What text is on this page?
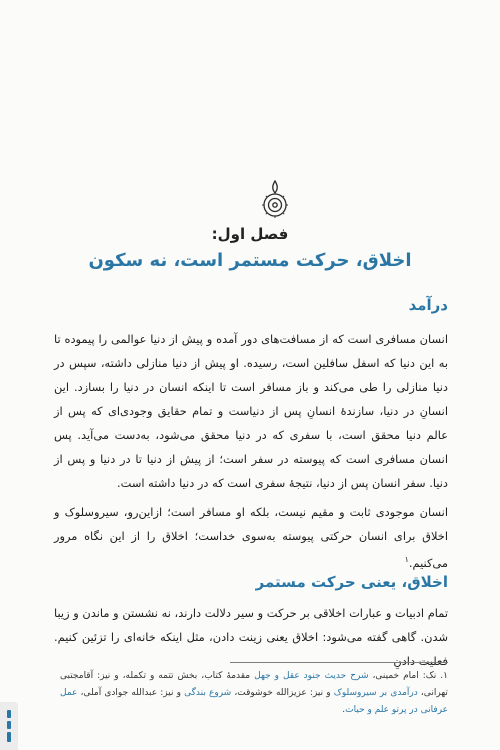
فصل اول:
اخلاق، حرکت مستمر است، نه سکون
درآمد

انسان مسافری است که از مسافت‌های دور آمده و پیش از دنیا عوالمی را پیموده تا به این دنیا که اسفل سافلین است، رسیده. او پیش از دنیا منازلی داشته، سپس در دنیا منازلی را طی می‌کند و باز مسافر است تا اینکه انسان در دنیا را بسازد. این انسانِ در دنیا، سازندهٔ انسانِ پس از دنیاست و تمام حقایق وجودی‌ای که پس از عالم دنیا محقق است، با سفری که در دنیا محقق می‌شود، به‌دست می‌آید. پس انسان مسافری است که پیوسته در سفر است؛ از پیش از دنیا تا در دنیا و پس از دنیا. سفر انسان پس از دنیا، نتیجهٔ سفری است که در دنیا داشته است.

انسان موجودی ثابت و مقیم نیست، بلکه او مسافر است؛ ازاین‌رو، سیروسلوک و اخلاق برای انسان حرکتی پیوسته به‌سوی خداست؛ اخلاق را از این نگاه مرور می‌کنیم.$^۱$

اخلاق، یعنی حرکت مستمر

تمام ادبیات و عبارات اخلاقی بر حرکت و سیر دلالت دارند، نه نشستن و ماندن و زیبا شدن. گاهی گفته می‌شود: اخلاق یعنی زینت دادن، مثل اینکه خانه‌ای را تزئین کنیم. فعلیت دادنِ

۱. نک: امام خمینی، شرح حدیث جنود عقل و جهل مقدمهٔ کتاب، بخش تتمه و تکمله، و نیز: آقامجتبی تهرانی، درآمدی بر سیروسلوک و نیز: عزیزالله خوشوقت، شروع بندگی و نیز: عبدالله جوادی آملی، عمل عرفانی در پرتو علم و حیات.
